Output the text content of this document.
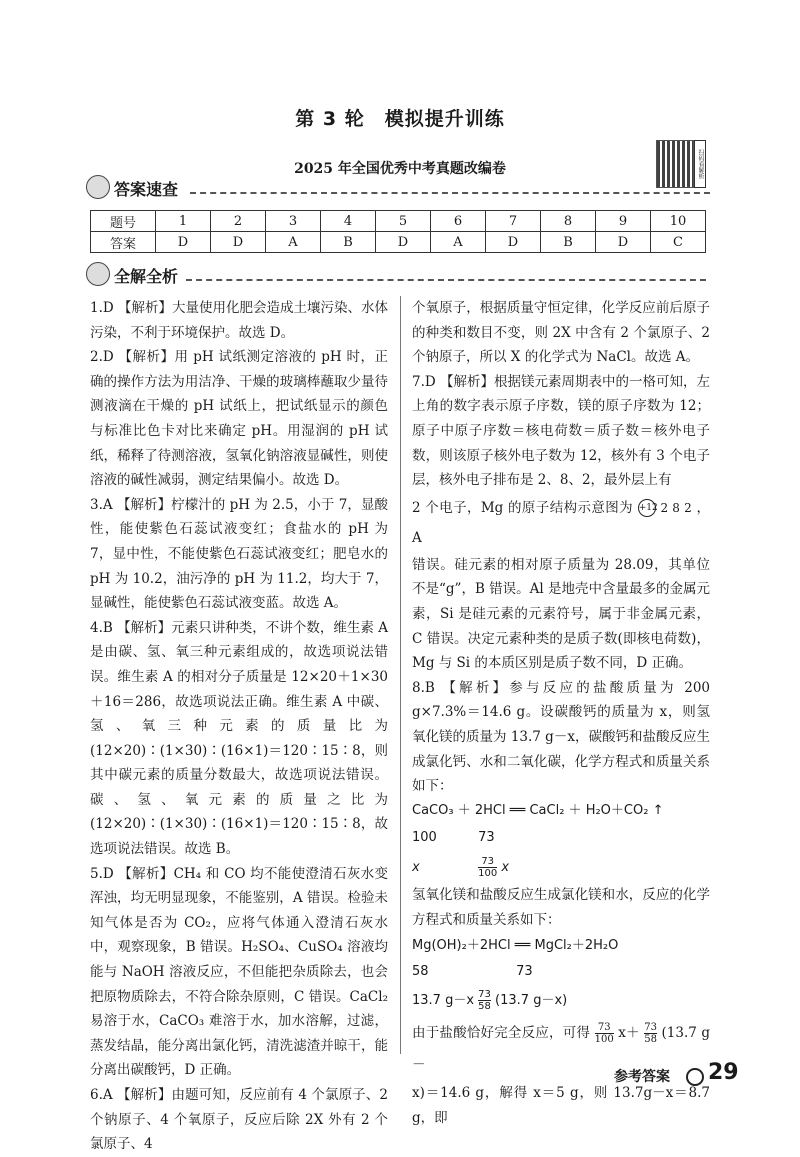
第 3 轮　模拟提升训练
2025 年全国优秀中考真题改编卷	扫码看解析
答案速查
题号	1	2	3	4	5	6	7	8	9	10
答案	D	D	A	B	D	A	D	B	D	C
全解全析

1.D 【解析】大量使用化肥会造成土壤污染、水体污染，不利于环境保护。故选 D。

2.D 【解析】用 pH 试纸测定溶液的 pH 时，正确的操作方法为用洁净、干燥的玻璃棒蘸取少量待测液滴在干燥的 pH 试纸上，把试纸显示的颜色与标准比色卡对比来确定 pH。用湿润的 pH 试纸，稀释了待测溶液，氢氧化钠溶液显碱性，则使溶液的碱性减弱，测定结果偏小。故选 D。

3.A 【解析】柠檬汁的 pH 为 2.5，小于 7，显酸性，能使紫色石蕊试液变红；食盐水的 pH 为 7，显中性，不能使紫色石蕊试液变红；肥皂水的 pH 为 10.2，油污净的 pH 为 11.2，均大于 7，显碱性，能使紫色石蕊试液变蓝。故选 A。

4.B 【解析】元素只讲种类，不讲个数，维生素 A 是由碳、氢、氧三种元素组成的，故选项说法错误。维生素 A 的相对分子质量是 12×20＋1×30＋16＝286，故选项说法正确。维生素 A 中碳、氢、氧三种元素的质量比为(12×20)∶(1×30)∶(16×1)＝120∶15∶8，则其中碳元素的质量分数最大，故选项说法错误。碳、氢、氧元素的质量之比为(12×20)∶(1×30)∶(16×1)＝120∶15∶8，故选项说法错误。故选 B。

5.D 【解析】CH₄ 和 CO 均不能使澄清石灰水变浑浊，均无明显现象，不能鉴别，A 错误。检验未知气体是否为 CO₂，应将气体通入澄清石灰水中，观察现象，B 错误。H₂SO₄、CuSO₄ 溶液均能与 NaOH 溶液反应，不但能把杂质除去，也会把原物质除去，不符合除杂原则，C 错误。CaCl₂ 易溶于水，CaCO₃ 难溶于水，加水溶解，过滤，蒸发结晶，能分离出氯化钙，清洗滤渣并晾干，能分离出碳酸钙，D 正确。

6.A 【解析】由题可知，反应前有 4 个氯原子、2 个钠原子、4 个氧原子，反应后除 2X 外有 2 个氯原子、4

个氧原子，根据质量守恒定律，化学反应前后原子的种类和数目不变，则 2X 中含有 2 个氯原子、2 个钠原子，所以 X 的化学式为 NaCl。故选 A。

7.D 【解析】根据镁元素周期表中的一格可知，左上角的数字表示原子序数，镁的原子序数为 12；原子中原子序数＝核电荷数＝质子数＝核外电子数，则该原子核外电子数为 12，核外有 3 个电子层，核外电子排布是 2、8、2，最外层上有

2 个电子，Mg 的原子结构示意图为 +12 2 8 2 ，A

错误。硅元素的相对原子质量为 28.09，其单位不是“g”，B 错误。Al 是地壳中含量最多的金属元素，Si 是硅元素的元素符号，属于非金属元素，C 错误。决定元素种类的是质子数(即核电荷数)，Mg 与 Si 的本质区别是质子数不同，D 正确。

8.B 【解析】参与反应的盐酸质量为 200 g×7.3%＝14.6 g。设碳酸钙的质量为 x，则氢氧化镁的质量为 13.7 g－x，碳酸钙和盐酸反应生成氯化钙、水和二氧化碳，化学方程式和质量关系如下：

CaCO₃ ＋ 2HCl ══ CaCl₂ ＋ H₂O＋CO₂ ↑
100	73
x	$\frac{73}{100}$ x

氢氧化镁和盐酸反应生成氯化镁和水，反应的化学方程式和质量关系如下：

Mg(OH)₂＋2HCl ══ MgCl₂＋2H₂O
58	73
13.7 $g-x \frac{73}{58} (13.7$ g－x)

由于盐酸恰好完全反应，可得 $\frac{73}{100} x+ \frac{73}{58} (13.7$ g－

x)＝14.6 g，解得 x＝5 g，则 13.7g－x＝8.7 g，即

参考答案 29
